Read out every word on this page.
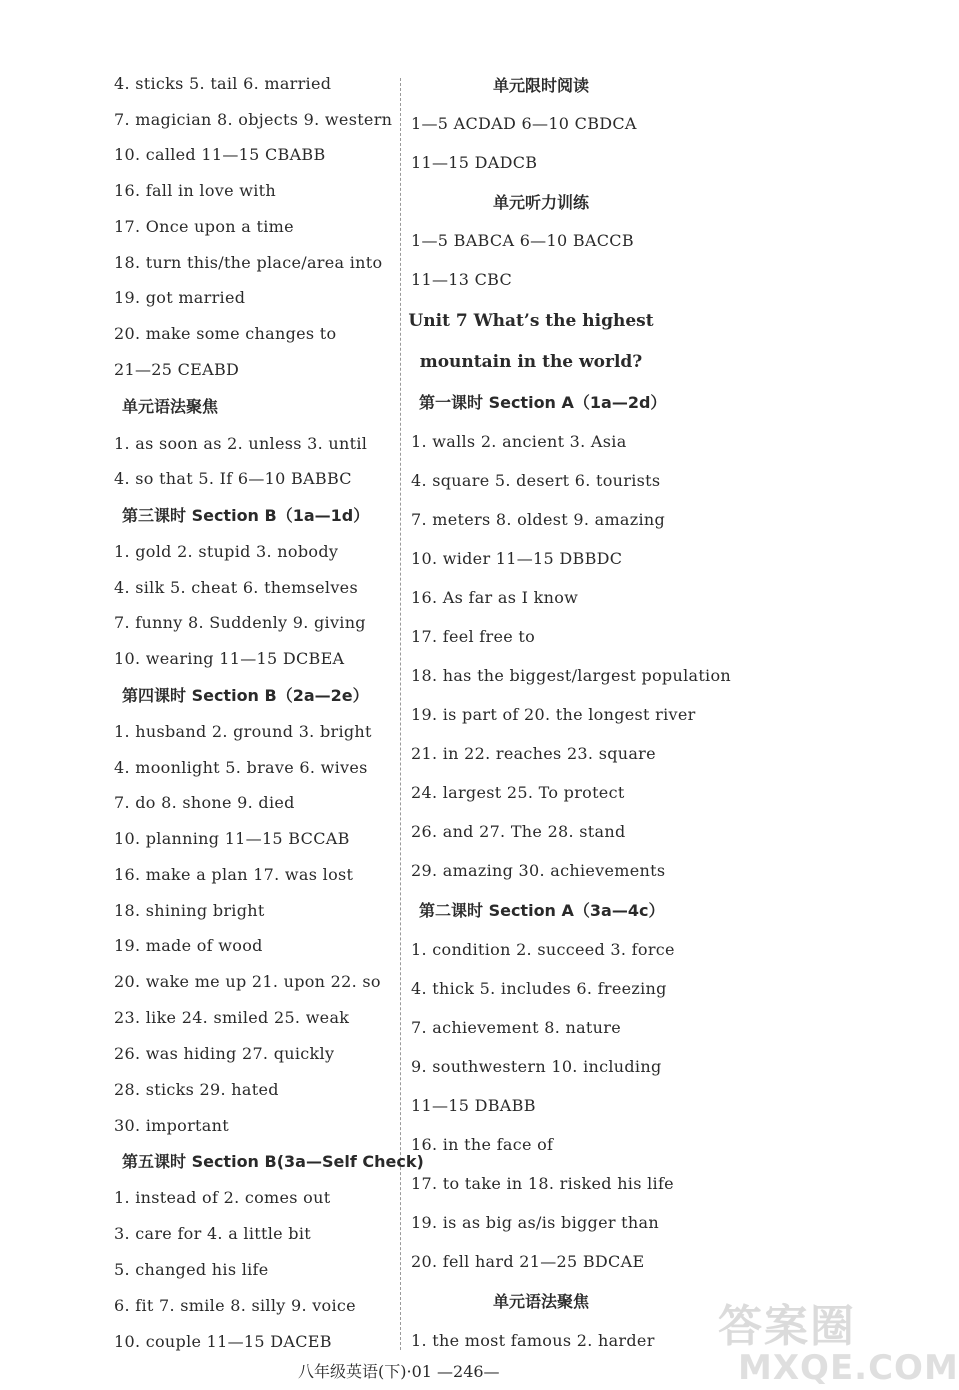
4. sticks 5. tail 6. married
7. magician 8. objects 9. western
10. called 11—15 CBABB
16. fall in love with
17. Once upon a time
18. turn this/the place/area into
19. got married
20. make some changes to
21—25 CEABD
单元语法聚焦
1. as soon as 2. unless 3. until
4. so that 5. If 6—10 BABBC
第三课时 Section B（1a—1d）
1. gold 2. stupid 3. nobody
4. silk 5. cheat 6. themselves
7. funny 8. Suddenly 9. giving
10. wearing 11—15 DCBEA
第四课时 Section B（2a—2e）
1. husband 2. ground 3. bright
4. moonlight 5. brave 6. wives
7. do 8. shone 9. died
10. planning 11—15 BCCAB
16. make a plan 17. was lost
18. shining bright
19. made of wood
20. wake me up 21. upon 22. so
23. like 24. smiled 25. weak
26. was hiding 27. quickly
28. sticks 29. hated
30. important
第五课时 Section B(3a—Self Check)
1. instead of 2. comes out
3. care for 4. a little bit
5. changed his life
6. fit 7. smile 8. silly 9. voice
10. couple 11—15 DACEB
单元限时阅读
1—5 ACDAD 6—10 CBDCA
11—15 DADCB
单元听力训练
1—5 BABCA 6—10 BACCB
11—13 CBC
Unit 7 What’s the highest
mountain in the world?
第一课时 Section A（1a—2d）
1. walls 2. ancient 3. Asia
4. square 5. desert 6. tourists
7. meters 8. oldest 9. amazing
10. wider 11—15 DBBDC
16. As far as I know
17. feel free to
18. has the biggest/largest population
19. is part of 20. the longest river
21. in 22. reaches 23. square
24. largest 25. To protect
26. and 27. The 28. stand
29. amazing 30. achievements
第二课时 Section A（3a—4c）
1. condition 2. succeed 3. force
4. thick 5. includes 6. freezing
7. achievement 8. nature
9. southwestern 10. including
11—15 DBABB
16. in the face of
17. to take in 18. risked his life
19. is as big as/is bigger than
20. fell hard 21—25 BDCAE
单元语法聚焦
1. the most famous 2. harder
八年级英语(下)·01 —246—
答案圈
MXQE.COM
